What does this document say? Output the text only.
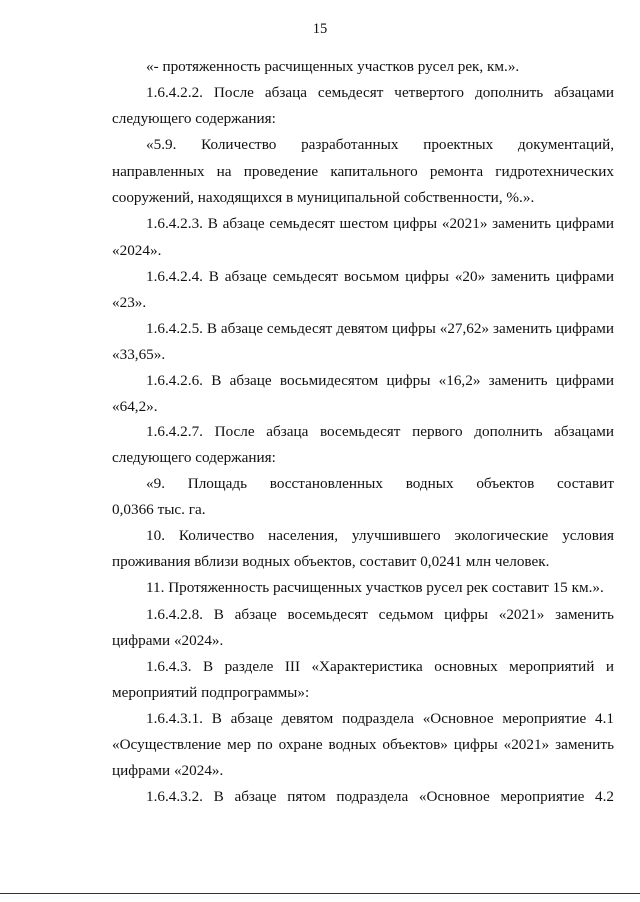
15
«- протяженность расчищенных участков русел рек, км.».
1.6.4.2.2. После абзаца семьдесят четвертого дополнить абзацами
следующего содержания:
«5.9. Количество разработанных проектных документаций,
направленных на проведение капитального ремонта гидротехнических
сооружений, находящихся в муниципальной собственности, %.».
1.6.4.2.3. В абзаце семьдесят шестом цифры «2021» заменить цифрами
«2024».
1.6.4.2.4. В абзаце семьдесят восьмом цифры «20» заменить цифрами
«23».
1.6.4.2.5. В абзаце семьдесят девятом цифры «27,62» заменить цифрами
«33,65».
1.6.4.2.6. В абзаце восьмидесятом цифры «16,2» заменить цифрами
«64,2».
1.6.4.2.7. После абзаца восемьдесят первого дополнить абзацами
следующего содержания:
«9. Площадь восстановленных водных объектов составит
0,0366 тыс. га.
10. Количество населения, улучшившего экологические условия
проживания вблизи водных объектов, составит 0,0241 млн человек.
11. Протяженность расчищенных участков русел рек составит 15 км.».
1.6.4.2.8. В абзаце восемьдесят седьмом цифры «2021» заменить
цифрами «2024».
1.6.4.3. В разделе III «Характеристика основных мероприятий и
мероприятий подпрограммы»:
1.6.4.3.1. В абзаце девятом подраздела «Основное мероприятие 4.1
«Осуществление мер по охране водных объектов» цифры «2021» заменить
цифрами «2024».
1.6.4.3.2. В абзаце пятом подраздела «Основное мероприятие 4.2
